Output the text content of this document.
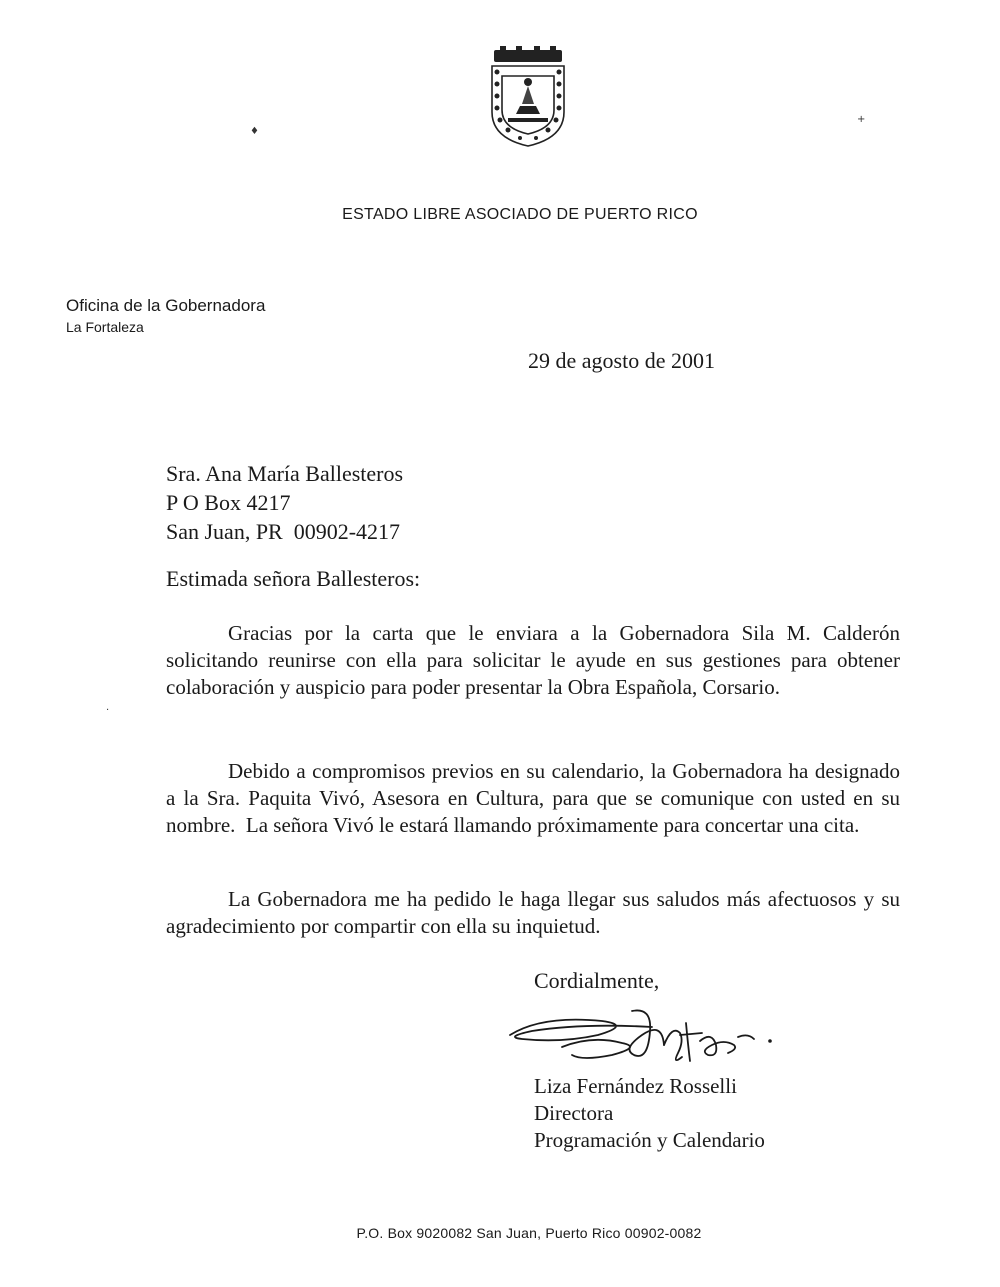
♦
+
·
ESTADO LIBRE ASOCIADO DE PUERTO RICO
Oficina de la Gobernadora
La Fortaleza
29 de agosto de 2001
Sra. Ana María Ballesteros
P O Box 4217
San Juan, PR  00902-4217
Estimada señora Ballesteros:

Gracias por la carta que le enviara a la Gobernadora Sila M. Calderón solicitando reunirse con ella para solicitar le ayude en sus gestiones para obtener colaboración y auspicio para poder presentar la Obra Española, Corsario.

Debido a compromisos previos en su calendario, la Gobernadora ha designado a la Sra. Paquita Vivó, Asesora en Cultura, para que se comunique con usted en su nombre.  La señora Vivó le estará llamando próximamente para concertar una cita.

La Gobernadora me ha pedido le haga llegar sus saludos más afectuosos y su agradecimiento por compartir con ella su inquietud.

Cordialmente,
Liza Fernández Rosselli
Directora
Programación y Calendario
P.O. Box 9020082 San Juan, Puerto Rico 00902-0082
